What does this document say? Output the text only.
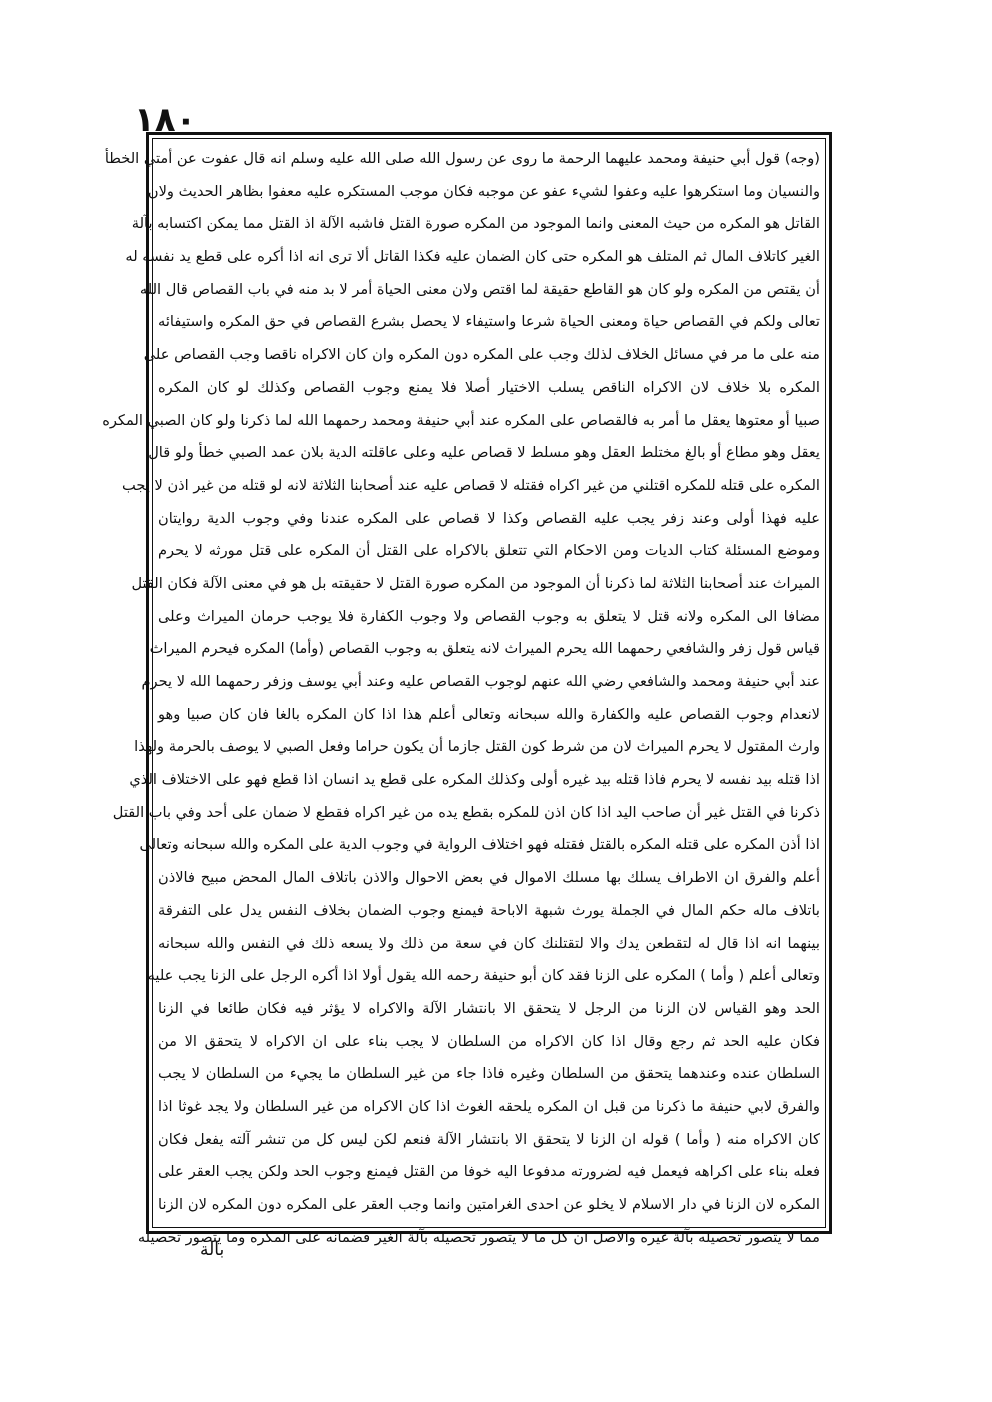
١٨٠
(وجه) قول أبي حنيفة ومحمد عليهما الرحمة ما روى عن رسول الله صلى الله عليه وسلم انه قال عفوت عن أمتي الخطأ
والنسيان وما استكرهوا عليه وعفوا لشيء عفو عن موجبه فكان موجب المستكره عليه معفوا بظاهر الحديث ولان
القاتل هو المكره من حيث المعنى وانما الموجود من المكره صورة القتل فاشبه الآلة اذ القتل مما يمكن اكتسابه بآلة
الغير كاتلاف المال ثم المتلف هو المكره حتى كان الضمان عليه فكذا القاتل ألا ترى انه اذا أكره على قطع يد نفسه له
أن يقتص من المكره ولو كان هو القاطع حقيقة لما اقتص ولان معنى الحياة أمر لا بد منه في باب القصاص قال الله
تعالى ولكم في القصاص حياة ومعنى الحياة شرعا واستيفاء لا يحصل بشرع القصاص في حق المكره واستيفائه
منه على ما مر في مسائل الخلاف لذلك وجب على المكره دون المكره وان كان الاكراه ناقصا وجب القصاص على
المكره بلا خلاف لان الاكراه الناقص يسلب الاختيار أصلا فلا يمنع وجوب القصاص وكذلك لو كان المكره
صبيا أو معتوها يعقل ما أمر به فالقصاص على المكره عند أبي حنيفة ومحمد رحمهما الله لما ذكرنا ولو كان الصبي المكره
يعقل وهو مطاع أو بالغ مختلط العقل وهو مسلط لا قصاص عليه وعلى عاقلته الدية بلان عمد الصبي خطأ ولو قال
المكره على قتله للمكره اقتلني من غير اكراه فقتله لا قصاص عليه عند أصحابنا الثلاثة لانه لو قتله من غير اذن لا يجب
عليه فهذا أولى وعند زفر يجب عليه القصاص وكذا لا قصاص على المكره عندنا وفي وجوب الدية روايتان
وموضع المسئلة كتاب الديات ومن الاحكام التي تتعلق بالاكراه على القتل أن المكره على قتل مورثه لا يحرم
الميراث عند أصحابنا الثلاثة لما ذكرنا أن الموجود من المكره صورة القتل لا حقيقته بل هو في معنى الآلة فكان القتل
مضافا الى المكره ولانه قتل لا يتعلق به وجوب القصاص ولا وجوب الكفارة فلا يوجب حرمان الميراث وعلى
قياس قول زفر والشافعي رحمهما الله يحرم الميراث لانه يتعلق به وجوب القصاص (وأما) المكره فيحرم الميراث
عند أبي حنيفة ومحمد والشافعي رضي الله عنهم لوجوب القصاص عليه وعند أبي يوسف وزفر رحمهما الله لا يحرم
لانعدام وجوب القصاص عليه والكفارة والله سبحانه وتعالى أعلم هذا اذا كان المكره بالغا فان كان صبيا وهو
وارث المقتول لا يحرم الميراث لان من شرط كون القتل جازما أن يكون حراما وفعل الصبي لا يوصف بالحرمة ولهذا
اذا قتله بيد نفسه لا يحرم فاذا قتله بيد غيره أولى وكذلك المكره على قطع يد انسان اذا قطع فهو على الاختلاف الذي
ذكرنا في القتل غير أن صاحب اليد اذا كان اذن للمكره بقطع يده من غير اكراه فقطع لا ضمان على أحد وفي باب القتل
اذا أذن المكره على قتله المكره بالقتل فقتله فهو اختلاف الرواية في وجوب الدية على المكره والله سبحانه وتعالى
أعلم والفرق ان الاطراف يسلك بها مسلك الاموال في بعض الاحوال والاذن باتلاف المال المحض مبيح فالاذن
باتلاف ماله حكم المال في الجملة يورث شبهة الاباحة فيمنع وجوب الضمان بخلاف النفس يدل على التفرقة
بينهما انه اذا قال له لتقطعن يدك والا لتقتلنك كان في سعة من ذلك ولا يسعه ذلك في النفس والله سبحانه
وتعالى أعلم ( وأما ) المكره على الزنا فقد كان أبو حنيفة رحمه الله يقول أولا اذا أكره الرجل على الزنا يجب عليه
الحد وهو القياس لان الزنا من الرجل لا يتحقق الا بانتشار الآلة والاكراه لا يؤثر فيه فكان طائعا في الزنا
فكان عليه الحد ثم رجع وقال اذا كان الاكراه من السلطان لا يجب بناء على ان الاكراه لا يتحقق الا من
السلطان عنده وعندهما يتحقق من السلطان وغيره فاذا جاء من غير السلطان ما يجيء من السلطان لا يجب
والفرق لابي حنيفة ما ذكرنا من قبل ان المكره يلحقه الغوث اذا كان الاكراه من غير السلطان ولا يجد غوثا اذا
كان الاكراه منه ( وأما ) قوله ان الزنا لا يتحقق الا بانتشار الآلة فنعم لكن ليس كل من تنشر آلته يفعل فكان
فعله بناء على اكراهه فيعمل فيه لضرورته مدفوعا اليه خوفا من القتل فيمنع وجوب الحد ولكن يجب العقر على
المكره لان الزنا في دار الاسلام لا يخلو عن احدى الغرامتين وانما وجب العقر على المكره دون المكره لان الزنا
مما لا يتصور تحصيله بآلة غيره والاصل ان كل ما لا يتصور تحصيله بآلة الغير فضمانه على المكره وما يتصور تحصيله
بالة
